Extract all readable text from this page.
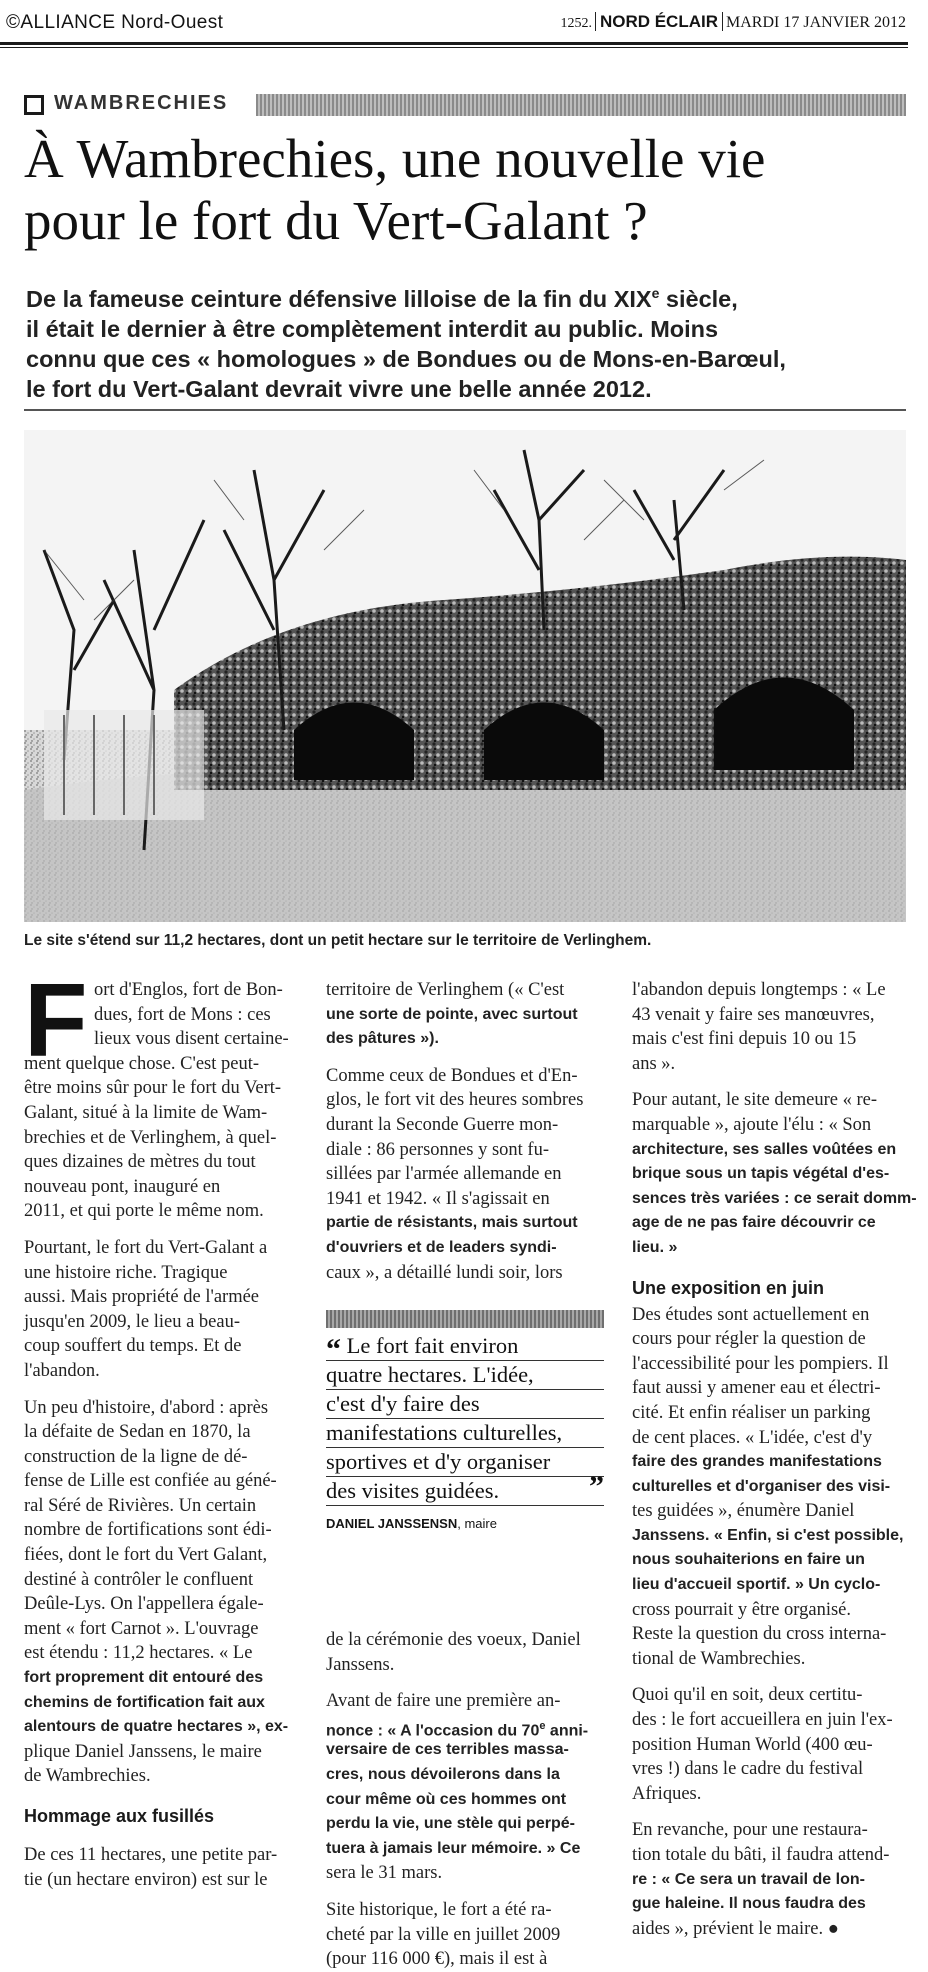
©ALLIANCE Nord-Ouest	1252. NORD ÉCLAIR MARDI 17 JANVIER 2012
WAMBRECHIES
À Wambrechies, une nouvelle vie
pour le fort du Vert-Galant ?
De la fameuse ceinture défensive lilloise de la fin du XIXe siècle,
il était le dernier à être complètement interdit au public. Moins
connu que ces « homologues » de Bondues ou de Mons-en-Barœul,
le fort du Vert-Galant devrait vivre une belle année 2012.
Le site s'étend sur 11,2 hectares, dont un petit hectare sur le territoire de Verlinghem.
F ort d'Englos, fort de Bon-
dues, fort de Mons : ces
lieux vous disent certaine-
ment quelque chose. C'est peut-
être moins sûr pour le fort du Vert-
Galant, situé à la limite de Wam-
brechies et de Verlinghem, à quel-
ques dizaines de mètres du tout
nouveau pont, inauguré en
2011, et qui porte le même nom.
Pourtant, le fort du Vert-Galant a
une histoire riche. Tragique
aussi. Mais propriété de l'armée
jusqu'en 2009, le lieu a beau-
coup souffert du temps. Et de
l'abandon.
Un peu d'histoire, d'abord : après
la défaite de Sedan en 1870, la
construction de la ligne de dé-
fense de Lille est confiée au géné-
ral Séré de Rivières. Un certain
nombre de fortifications sont édi-
fiées, dont le fort du Vert Galant,
destiné à contrôler le confluent
Deûle-Lys. On l'appellera égale-
ment « fort Carnot ». L'ouvrage
est étendu : 11,2 hectares. « Le
fort proprement dit entouré des
chemins de fortification fait aux
alentours de quatre hectares », ex-
plique Daniel Janssens, le maire
de Wambrechies.
Hommage aux fusillés
De ces 11 hectares, une petite par-
tie (un hectare environ) est sur le
territoire de Verlinghem (« C'est
une sorte de pointe, avec surtout
des pâtures »).
Comme ceux de Bondues et d'En-
glos, le fort vit des heures sombres
durant la Seconde Guerre mon-
diale : 86 personnes y sont fu-
sillées par l'armée allemande en
1941 et 1942. « Il s'agissait en
partie de résistants, mais surtout
d'ouvriers et de leaders syndi-
caux », a détaillé lundi soir, lors
“ Le fort fait environ
quatre hectares. L'idée,
c'est d'y faire des
manifestations culturelles,
sportives et d'y organiser
des visites guidées.	”
DANIEL JANSSENSN, maire
de la cérémonie des voeux, Daniel
Janssens.
Avant de faire une première an-
nonce : « A l'occasion du 70e anni-
versaire de ces terribles massa-
cres, nous dévoilerons dans la
cour même où ces hommes ont
perdu la vie, une stèle qui perpé-
tuera à jamais leur mémoire. » Ce
sera le 31 mars.
Site historique, le fort a été ra-
cheté par la ville en juillet 2009
(pour 116 000 €), mais il est à
l'abandon depuis longtemps : « Le
43 venait y faire ses manœuvres,
mais c'est fini depuis 10 ou 15
ans ».
Pour autant, le site demeure « re-
marquable », ajoute l'élu : « Son
architecture, ses salles voûtées en
brique sous un tapis végétal d'es-
sences très variées : ce serait domm-
age de ne pas faire découvrir ce
lieu. »
Une exposition en juin
Des études sont actuellement en
cours pour régler la question de
l'accessibilité pour les pompiers. Il
faut aussi y amener eau et électri-
cité. Et enfin réaliser un parking
de cent places. « L'idée, c'est d'y
faire des grandes manifestations
culturelles et d'organiser des visi-
tes guidées », énumère Daniel
Janssens. « Enfin, si c'est possible,
nous souhaiterions en faire un
lieu d'accueil sportif. » Un cyclo-
cross pourrait y être organisé.
Reste la question du cross interna-
tional de Wambrechies.
Quoi qu'il en soit, deux certitu-
des : le fort accueillera en juin l'ex-
position Human World (400 œu-
vres !) dans le cadre du festival
Afriques.
En revanche, pour une restaura-
tion totale du bâti, il faudra attend-
re : « Ce sera un travail de lon-
gue haleine. Il nous faudra des
aides », prévient le maire. ●
